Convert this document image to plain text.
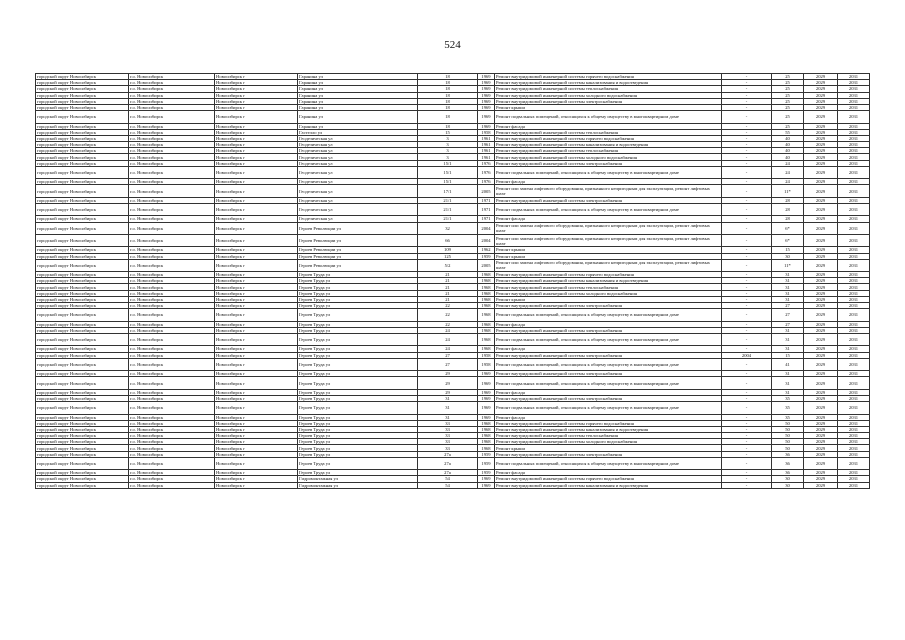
524
городской округ Новосибирск	г.о. Новосибирск	Новосибирск г	Гаранина ул	18	1969	Ремонт внутридомовой инженерной системы горячего водоснабжения	-	25	2029	2031
городской округ Новосибирск	г.о. Новосибирск	Новосибирск г	Гаранина ул	18	1969	Ремонт внутридомовой инженерной системы канализования и водоотведения	-	25	2029	2031
городской округ Новосибирск	г.о. Новосибирск	Новосибирск г	Гаранина ул	18	1969	Ремонт внутридомовой инженерной системы теплоснабжения	-	25	2029	2031
городской округ Новосибирск	г.о. Новосибирск	Новосибирск г	Гаранина ул	18	1969	Ремонт внутридомовой инженерной системы холодного водоснабжения	-	25	2029	2031
городской округ Новосибирск	г.о. Новосибирск	Новосибирск г	Гаранина ул	18	1969	Ремонт внутридомовой инженерной системы электроснабжения	-	25	2029	2031
городской округ Новосибирск	г.о. Новосибирск	Новосибирск г	Гаранина ул	18	1969	Ремонт крыши	-	25	2029	2031
городской округ Новосибирск	г.о. Новосибирск	Новосибирск г	Гаранина ул	18	1969	Ремонт подвальных помещений, относящихся к общему имуществу в многоквартирном доме	-	25	2029	2031
городской округ Новосибирск	г.о. Новосибирск	Новосибирск г	Гаранина ул	18	1969	Ремонт фасада	-	25	2029	2031
городской округ Новосибирск	г.о. Новосибирск	Новосибирск г	Гастелло ул	15	1958	Ремонт внутридомовой инженерной системы теплоснабжения	-	55	2029	2031
городской округ Новосибирск	г.о. Новосибирск	Новосибирск г	Геодезическая ул	3	1961	Ремонт внутридомовой инженерной системы горячего водоснабжения	-	40	2029	2031
городской округ Новосибирск	г.о. Новосибирск	Новосибирск г	Геодезическая ул	3	1961	Ремонт внутридомовой инженерной системы канализования и водоотведения	-	40	2029	2031
городской округ Новосибирск	г.о. Новосибирск	Новосибирск г	Геодезическая ул	3	1961	Ремонт внутридомовой инженерной системы теплоснабжения	-	40	2029	2031
городской округ Новосибирск	г.о. Новосибирск	Новосибирск г	Геодезическая ул	3	1961	Ремонт внутридомовой инженерной системы холодного водоснабжения	-	40	2029	2031
городской округ Новосибирск	г.о. Новосибирск	Новосибирск г	Геодезическая ул	15/1	1976	Ремонт внутридомовой инженерной системы электроснабжения	-	24	2029	2031
городской округ Новосибирск	г.о. Новосибирск	Новосибирск г	Геодезическая ул	15/1	1976	Ремонт подвальных помещений, относящихся к общему имуществу в многоквартирном доме	-	24	2029	2031
городской округ Новосибирск	г.о. Новосибирск	Новосибирск г	Геодезическая ул	15/1	1976	Ремонт фасада	-	24	2029	2031
городской округ Новосибирск	г.о. Новосибирск	Новосибирск г	Геодезическая ул	17/1	2005	Ремонт или замена лифтового оборудования, признанного непригодным для эксплуатации, ремонт лифтовых шахт	-	11*	2029	2031
городской округ Новосибирск	г.о. Новосибирск	Новосибирск г	Геодезическая ул	21/1	1971	Ремонт внутридомовой инженерной системы электроснабжения	-	28	2029	2031
городской округ Новосибирск	г.о. Новосибирск	Новосибирск г	Геодезическая ул	21/1	1971	Ремонт подвальных помещений, относящихся к общему имуществу в многоквартирном доме	-	28	2029	2031
городской округ Новосибирск	г.о. Новосибирск	Новосибирск г	Геодезическая ул	21/1	1971	Ремонт фасада	-	28	2029	2031
городской округ Новосибирск	г.о. Новосибирск	Новосибирск г	Героев Революции ул	32	2004	Ремонт или замена лифтового оборудования, признанного непригодным для эксплуатации, ремонт лифтовых шахт	-	6*	2029	2031
городской округ Новосибирск	г.о. Новосибирск	Новосибирск г	Героев Революции ул	66	2004	Ремонт или замена лифтового оборудования, признанного непригодным для эксплуатации, ремонт лифтовых шахт	-	6*	2029	2031
городской округ Новосибирск	г.о. Новосибирск	Новосибирск г	Героев Революции ул	109	1962	Ремонт крыши	-	15	2029	2031
городской округ Новосибирск	г.о. Новосибирск	Новосибирск г	Героев Революции ул	125	1959	Ремонт крыши	-	30	2029	2031
городской округ Новосибирск	г.о. Новосибирск	Новосибирск г	Героев Революции ул	5/2	2005	Ремонт или замена лифтового оборудования, признанного непригодным для эксплуатации, ремонт лифтовых шахт	-	11*	2029	2031
городской округ Новосибирск	г.о. Новосибирск	Новосибирск г	Героев Труда ул	21	1968	Ремонт внутридомовой инженерной системы горячего водоснабжения	-	31	2029	2031
городской округ Новосибирск	г.о. Новосибирск	Новосибирск г	Героев Труда ул	21	1968	Ремонт внутридомовой инженерной системы канализования и водоотведения	-	31	2029	2031
городской округ Новосибирск	г.о. Новосибирск	Новосибирск г	Героев Труда ул	21	1968	Ремонт внутридомовой инженерной системы теплоснабжения	-	31	2029	2031
городской округ Новосибирск	г.о. Новосибирск	Новосибирск г	Героев Труда ул	21	1968	Ремонт внутридомовой инженерной системы холодного водоснабжения	-	31	2029	2031
городской округ Новосибирск	г.о. Новосибирск	Новосибирск г	Героев Труда ул	21	1968	Ремонт крыши	-	31	2029	2031
городской округ Новосибирск	г.о. Новосибирск	Новосибирск г	Героев Труда ул	22	1968	Ремонт внутридомовой инженерной системы электроснабжения	-	27	2029	2031
городской округ Новосибирск	г.о. Новосибирск	Новосибирск г	Героев Труда ул	22	1968	Ремонт подвальных помещений, относящихся к общему имуществу в многоквартирном доме	-	27	2029	2031
городской округ Новосибирск	г.о. Новосибирск	Новосибирск г	Героев Труда ул	22	1968	Ремонт фасада	-	27	2029	2031
городской округ Новосибирск	г.о. Новосибирск	Новосибирск г	Героев Труда ул	24	1968	Ремонт внутридомовой инженерной системы электроснабжения	-	31	2029	2031
городской округ Новосибирск	г.о. Новосибирск	Новосибирск г	Героев Труда ул	24	1968	Ремонт подвальных помещений, относящихся к общему имуществу в многоквартирном доме	-	31	2029	2031
городской округ Новосибирск	г.о. Новосибирск	Новосибирск г	Героев Труда ул	24	1968	Ремонт фасада	-	31	2029	2031
городской округ Новосибирск	г.о. Новосибирск	Новосибирск г	Героев Труда ул	27	1958	Ремонт внутридомовой инженерной системы электроснабжения	2004	15	2029	2031
городской округ Новосибирск	г.о. Новосибирск	Новосибирск г	Героев Труда ул	27	1958	Ремонт подвальных помещений, относящихся к общему имуществу в многоквартирном доме	-	41	2029	2031
городской округ Новосибирск	г.о. Новосибирск	Новосибирск г	Героев Труда ул	29	1969	Ремонт внутридомовой инженерной системы электроснабжения	-	31	2029	2031
городской округ Новосибирск	г.о. Новосибирск	Новосибирск г	Героев Труда ул	29	1969	Ремонт подвальных помещений, относящихся к общему имуществу в многоквартирном доме	-	31	2029	2031
городской округ Новосибирск	г.о. Новосибирск	Новосибирск г	Героев Труда ул	29	1969	Ремонт фасада	-	31	2029	2031
городской округ Новосибирск	г.о. Новосибирск	Новосибирск г	Героев Труда ул	31	1969	Ремонт внутридомовой инженерной системы электроснабжения	-	35	2029	2031
городской округ Новосибирск	г.о. Новосибирск	Новосибирск г	Героев Труда ул	31	1969	Ремонт подвальных помещений, относящихся к общему имуществу в многоквартирном доме	-	35	2029	2031
городской округ Новосибирск	г.о. Новосибирск	Новосибирск г	Героев Труда ул	31	1969	Ремонт фасада	-	35	2029	2031
городской округ Новосибирск	г.о. Новосибирск	Новосибирск г	Героев Труда ул	33	1968	Ремонт внутридомовой инженерной системы горячего водоснабжения	-	50	2029	2031
городской округ Новосибирск	г.о. Новосибирск	Новосибирск г	Героев Труда ул	33	1968	Ремонт внутридомовой инженерной системы канализования и водоотведения	-	50	2029	2031
городской округ Новосибирск	г.о. Новосибирск	Новосибирск г	Героев Труда ул	33	1968	Ремонт внутридомовой инженерной системы теплоснабжения	-	50	2029	2031
городской округ Новосибирск	г.о. Новосибирск	Новосибирск г	Героев Труда ул	33	1968	Ремонт внутридомовой инженерной системы холодного водоснабжения	-	50	2029	2031
городской округ Новосибирск	г.о. Новосибирск	Новосибирск г	Героев Труда ул	33	1968	Ремонт крыши	-	50	2029	2031
городской округ Новосибирск	г.о. Новосибирск	Новосибирск г	Героев Труда ул	27а	1959	Ремонт внутридомовой инженерной системы электроснабжения	-	36	2029	2031
городской округ Новосибирск	г.о. Новосибирск	Новосибирск г	Героев Труда ул	27а	1959	Ремонт подвальных помещений, относящихся к общему имуществу в многоквартирном доме	-	36	2029	2031
городской округ Новосибирск	г.о. Новосибирск	Новосибирск г	Героев Труда ул	27а	1959	Ремонт фасада	-	36	2029	2031
городской округ Новосибирск	г.о. Новосибирск	Новосибирск г	Гидромонтажная ул	54	1969	Ремонт внутридомовой инженерной системы горячего водоснабжения	-	30	2029	2031
городской округ Новосибирск	г.о. Новосибирск	Новосибирск г	Гидромонтажная ул	54	1969	Ремонт внутридомовой инженерной системы канализования и водоотведения	-	30	2029	2031
